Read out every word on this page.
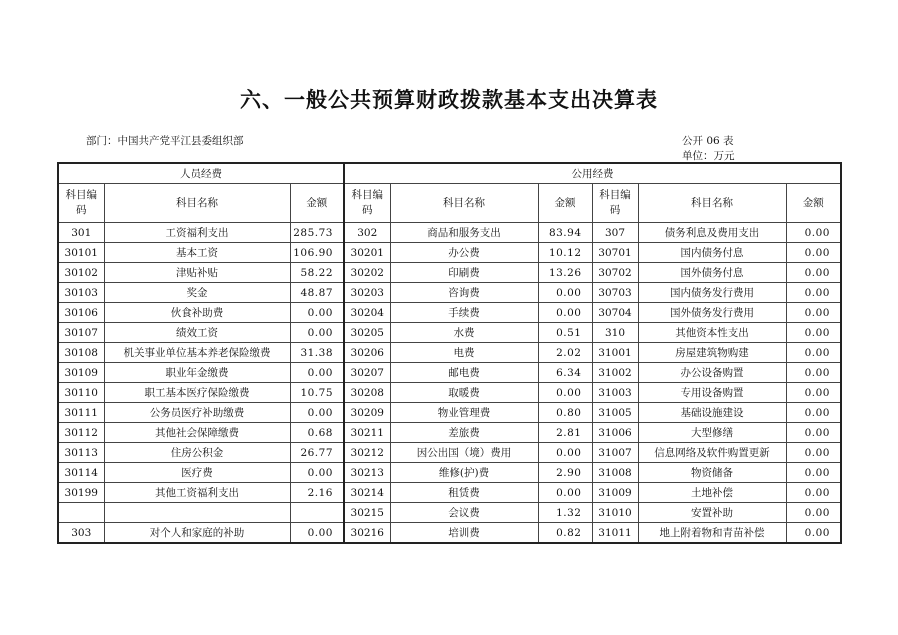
六、一般公共预算财政拨款基本支出决算表
部门：中国共产党平江县委组织部	公开 06 表
单位：万元
人员经费			公用经费					
科目编码	科目名称	金额	科目编码	科目名称	金额	科目编码	科目名称	金额
301	工资福利支出	285.73	302	商品和服务支出	83.94	307	债务利息及费用支出	0.00
30101	基本工资	106.90	30201	办公费	10.12	30701	国内债务付息	0.00
30102	津贴补贴	58.22	30202	印刷费	13.26	30702	国外债务付息	0.00
30103	奖金	48.87	30203	咨询费	0.00	30703	国内债务发行费用	0.00
30106	伙食补助费	0.00	30204	手续费	0.00	30704	国外债务发行费用	0.00
30107	绩效工资	0.00	30205	水费	0.51	310	其他资本性支出	0.00
30108	机关事业单位基本养老保险缴费	31.38	30206	电费	2.02	31001	房屋建筑物购建	0.00
30109	职业年金缴费	0.00	30207	邮电费	6.34	31002	办公设备购置	0.00
30110	职工基本医疗保险缴费	10.75	30208	取暖费	0.00	31003	专用设备购置	0.00
30111	公务员医疗补助缴费	0.00	30209	物业管理费	0.80	31005	基础设施建设	0.00
30112	其他社会保障缴费	0.68	30211	差旅费	2.81	31006	大型修缮	0.00
30113	住房公积金	26.77	30212	因公出国（境）费用	0.00	31007	信息网络及软件购置更新	0.00
30114	医疗费	0.00	30213	维修(护)费	2.90	31008	物资储备	0.00
30199	其他工资福利支出	2.16	30214	租赁费	0.00	31009	土地补偿	0.00
			30215	会议费	1.32	31010	安置补助	0.00
303	对个人和家庭的补助	0.00	30216	培训费	0.82	31011	地上附着物和青苗补偿	0.00
